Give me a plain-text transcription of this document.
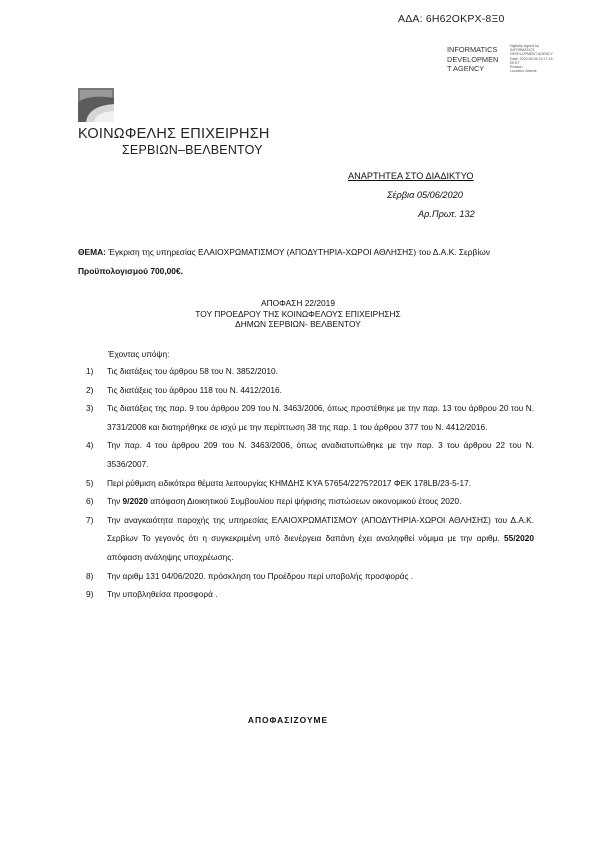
ΑΔΑ: 6Η62ΟΚΡΧ-8Ξ0
INFORMATICS
DEVELOPMEN
T AGENCY
Digitally signed by
INFORMATICS
DEVELOPMENT AGENCY
Date: 2020.06.05 10:17:16
EEST
Reason:
Location: Athens
ΚΟΙΝΩΦΕΛΗΣ ΕΠΙΧΕΙΡΗΣΗ
ΣΕΡΒΙΩΝ–ΒΕΛΒΕΝΤΟΥ
ΑΝΑΡΤΗΤΕΑ ΣΤΟ ΔΙΑΔΙΚΤΥΟ
Σέρβια 05/06/2020
Αρ.Πρωτ. 132
ΘΕΜΑ: Έγκριση της υπηρεσίας ΕΛΑΙΟΧΡΩΜΑΤΙΣΜΟΥ (ΑΠΟΔΥΤΗΡΙΑ-ΧΩΡΟΙ ΑΘΛΗΣΗΣ) του Δ.Α.Κ. Σερβίων Προϋπολογισμού 700,00€.
ΑΠΟΦΑΣΗ 22/2019
ΤΟΥ ΠΡΟΕΔΡΟΥ ΤΗΣ ΚΟΙΝΩΦΕΛΟΥΣ ΕΠΙΧΕΙΡΗΣΗΣ
ΔΗΜΩΝ ΣΕΡΒΙΩΝ- ΒΕΛΒΕΝΤΟΥ
Έχοντας υπόψη:
1) Τις διατάξεις του άρθρου 58 του Ν. 3852/2010.
2) Τις διατάξεις του άρθρου 118 του Ν. 4412/2016.
3) Τις διατάξεις της παρ. 9 του άρθρου 209 του Ν. 3463/2006, όπως προστέθηκε με την παρ. 13 του άρθρου 20 του Ν. 3731/2008 και διατηρήθηκε σε ισχύ με την περίπτωση 38 της παρ. 1 του άρθρου 377 του Ν. 4412/2016.
4) Την παρ. 4 του άρθρου 209 του Ν. 3463/2006, όπως αναδιατυπώθηκε με την παρ. 3 του άρθρου 22 του Ν. 3536/2007.
5) Περί ρύθμιση ειδικότερα θέματα λειτουργίας ΚΗΜΔΗΣ ΚΥΑ 57654/22?5?2017 ΦΕΚ 178LB/23-5-17.
6) Την 9/2020 απόφαση Διοικητικού Συμβουλίου περί ψήφισης πιστώσεων οικονομικού έτους 2020.
7) Την αναγκαιότητα παροχής της υπηρεσίας ΕΛΑΙΟΧΡΩΜΑΤΙΣΜΟΥ (ΑΠΟΔΥΤΗΡΙΑ-ΧΩΡΟΙ ΑΘΛΗΣΗΣ) του Δ.Α.Κ. Σερβίων Το γεγονός ότι η συγκεκριμένη υπό διενέργεια δαπάνη έχει αναληφθεί νόμιμα με την αριθμ. 55/2020 απόφαση ανάληψης υποχρέωσης.
8) Την αριθμ 131 04/06/2020. πρόσκληση του Προέδρου περί υποβολής προσφοράς .
9) Την υποβληθείσα προσφορά .
ΑΠΟΦΑΣΙΖΟΥΜΕ
